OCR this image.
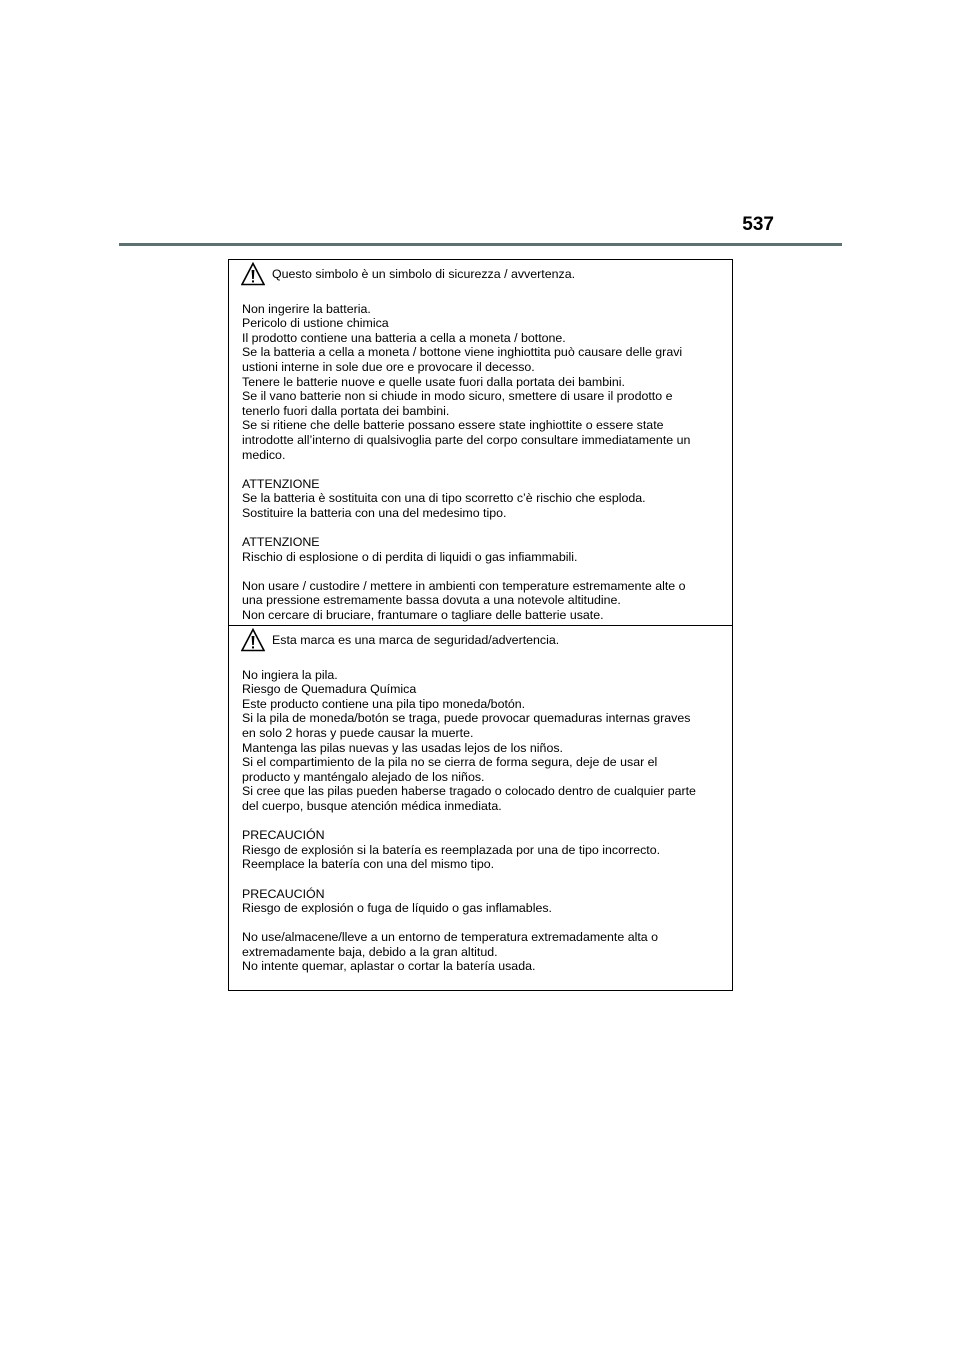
537
Questo simbolo è un simbolo di sicurezza / avvertenza.

Non ingerire la batteria.
Pericolo di ustione chimica
Il prodotto contiene una batteria a cella a moneta / bottone.
Se la batteria a cella a moneta / bottone viene inghiottita può causare delle gravi
ustioni interne in sole due ore e provocare il decesso.
Tenere le batterie nuove e quelle usate fuori dalla portata dei bambini.
Se il vano batterie non si chiude in modo sicuro, smettere di usare il prodotto e
tenerlo fuori dalla portata dei bambini.
Se si ritiene che delle batterie possano essere state inghiottite o essere state
introdotte all’interno di qualsivoglia parte del corpo consultare immediatamente un
medico.

ATTENZIONE
Se la batteria è sostituita con una di tipo scorretto c’è rischio che esploda.
Sostituire la batteria con una del medesimo tipo.

ATTENZIONE
Rischio di esplosione o di perdita di liquidi o gas infiammabili.

Non usare / custodire / mettere in ambienti con temperature estremamente alte o
una pressione estremamente bassa dovuta a una notevole altitudine.
Non cercare di bruciare, frantumare o tagliare delle batterie usate.

Esta marca es una marca de seguridad/advertencia.

No ingiera la pila.
Riesgo de Quemadura Química
Este producto contiene una pila tipo moneda/botón.
Si la pila de moneda/botón se traga, puede provocar quemaduras internas graves
en solo 2 horas y puede causar la muerte.
Mantenga las pilas nuevas y las usadas lejos de los niños.
Si el compartimiento de la pila no se cierra de forma segura, deje de usar el
producto y manténgalo alejado de los niños.
Si cree que las pilas pueden haberse tragado o colocado dentro de cualquier parte
del cuerpo, busque atención médica inmediata.

PRECAUCIÓN
Riesgo de explosión si la batería es reemplazada por una de tipo incorrecto.
Reemplace la batería con una del mismo tipo.

PRECAUCIÓN
Riesgo de explosión o fuga de líquido o gas inflamables.

No use/almacene/lleve a un entorno de temperatura extremadamente alta o
extremadamente baja, debido a la gran altitud.
No intente quemar, aplastar o cortar la batería usada.
